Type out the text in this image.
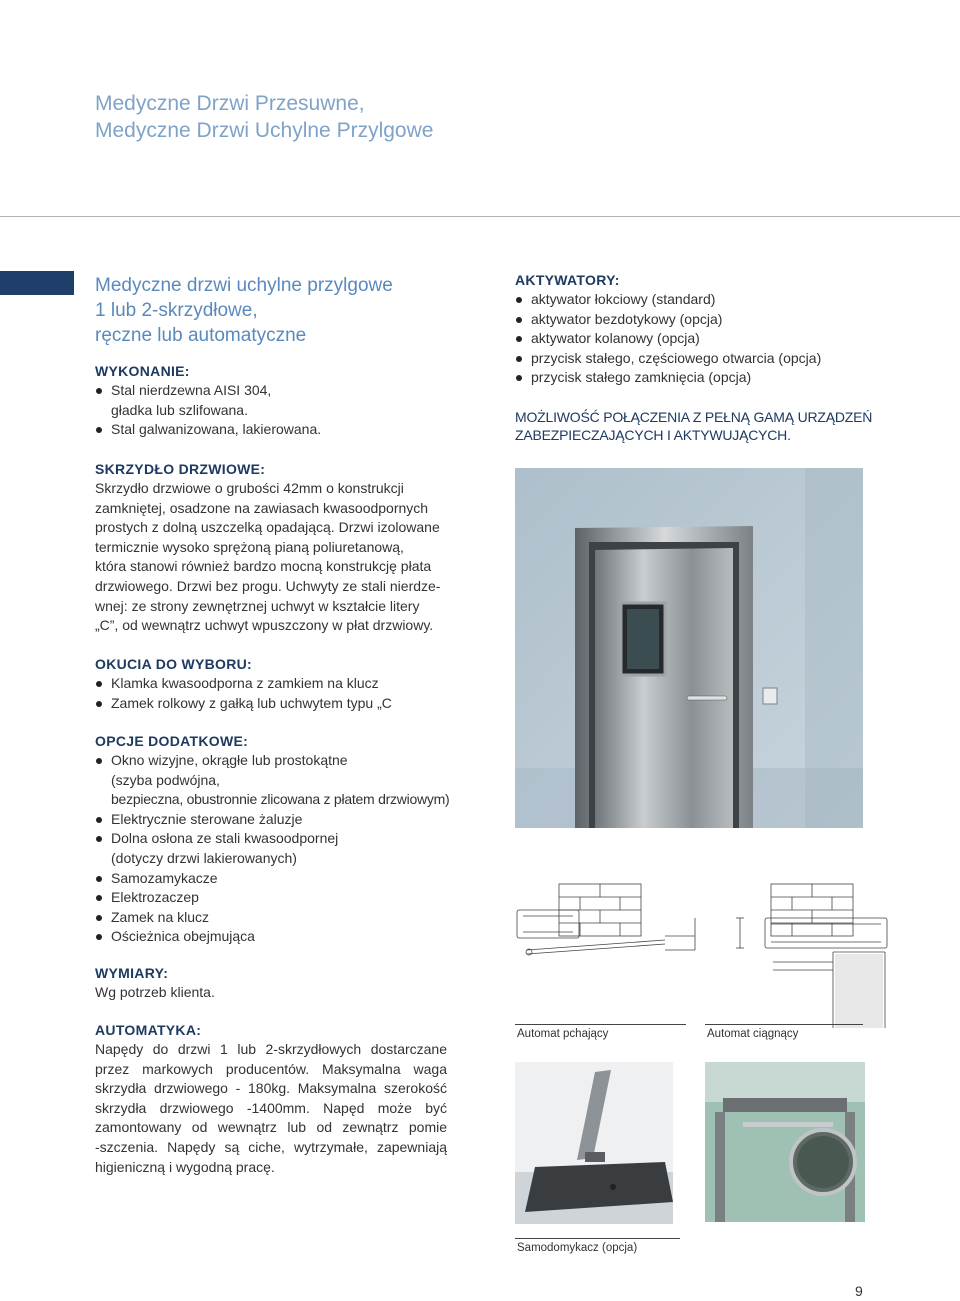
Medyczne Drzwi Przesuwne,
Medyczne Drzwi Uchylne Przylgowe
Medyczne drzwi uchylne przylgowe
1 lub 2-skrzydłowe,
ręczne lub automatyczne

WYKONANIE:

Stal nierdzewna AISI 304,
gładka lub szlifowana.
Stal galwanizowana, lakierowana.

SKRZYDŁO DRZWIOWE:

Skrzydło drzwiowe o grubości 42mm o konstrukcji

zamkniętej, osadzone na zawiasach kwasoodpornych

prostych z dolną uszczelką opadającą. Drzwi izolowane

termicznie wysoko sprężoną pianą poliuretanową,

która stanowi również bardzo mocną konstrukcję płata

drzwiowego. Drzwi bez progu. Uchwyty ze stali nierdze-

wnej: ze strony zewnętrznej uchwyt w kształcie litery

„C”, od wewnątrz uchwyt wpuszczony w płat drzwiowy.

OKUCIA DO WYBORU:

Klamka kwasoodporna z zamkiem na klucz
Zamek rolkowy z gałką lub uchwytem typu „C

OPCJE DODATKOWE:

Okno wizyjne, okrągłe lub prostokątne
(szyba podwójna,
bezpieczna, obustronnie zlicowana z płatem drzwiowym)
Elektrycznie sterowane żaluzje
Dolna osłona ze stali kwasoodpornej
(dotyczy drzwi lakierowanych)
Samozamykacze
Elektrozaczep
Zamek na klucz
Ościeżnica obejmująca

WYMIARY:

Wg potrzeb klienta.

AUTOMATYKA:

Napędy do drzwi 1 lub 2-skrzydłowych dostarczane

przez markowych producentów. Maksymalna waga

skrzydła drzwiowego - 180kg. Maksymalna szerokość

skrzydła drzwiowego -1400mm. Napęd może być

zamontowany od wewnątrz lub od zewnątrz pomie

-szczenia. Napędy są ciche, wytrzymałe, zapewniają

higieniczną i wygodną pracę.

AKTYWATORY:

aktywator łokciowy (standard)
aktywator bezdotykowy (opcja)
aktywator kolanowy (opcja)
przycisk stałego, częściowego otwarcia (opcja)
przycisk stałego zamknięcia (opcja)

MOŻLIWOŚĆ POŁĄCZENIA Z PEŁNĄ GAMĄ URZĄDZEŃ

ZABEZPIECZAJĄCYCH I AKTYWUJĄCYCH.

Automat pchający	Automat ciągnący
Samodomykacz (opcja)
9
